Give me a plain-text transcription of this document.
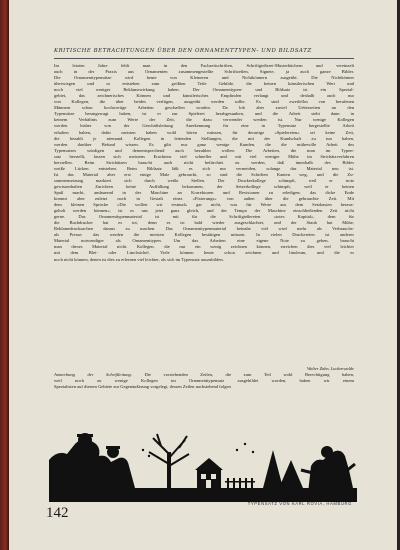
KRITISCHE BETRACHTUNGEN ÜBER DEN ORNAMENTTYPEN- UND BILDSATZ

Im letzten Jahre fehlt man in den Fachzeitschriften, Schriftgießerei-Musterbüchern und vereinzelt

auch in der Praxis aus Ornamenten zusammengestellte Schriftzeilen, Signete, ja auch ganze Bilder.

Die Ornamenttypensätze wird heute von Kleineren und Nichtkönnern ausgeübt. Die Nichtkönner

überwiegen und so entstehen zum größten Teile Gebilde, die keinen künstlerischen Wert und

noch viel weniger Reklamewirkung haben. Der Ornamenttypen- und Bildsatz ist ein Spezial-

gebiet, das zeichnerisches Können und künstlerisches Empfinden verlangt und deshalb auch nur

von Kollegen, die über beides verfügen, ausgeübt werden sollte. Es sind zweifellos von berufenen

Männern schon hochwertige Arbeiten geschaffen worden. Da lob aber zuviel Ueberzeiten an den

Typensätze herangewagt haben, ist er zur Spielerei herabgesunken, und die Arbeit steht dann in

keinem Verhältnis zum Werte der Zeit, die dazu verwendet werden ist. Nur wenige Kollegen

werden bisher von der Geschäftsleitung Anerkennung für eine in Typensatz hergestellte Arbeit

erhalten haben, dafür meisten haben wohl hören müssen, für derartige »Spielereien« sei keine Zeit,

die bezahlt je niemand. Kollegen in leitenden Stellungen, die mit der Kundschaft zu tun haben,

werden darüber Befund wissen. Es gibt nur ganz wenige Kunden, die die mühevolle Arbeit des

Typensatzes würdigen und dementsprechend auch bezahlen wollen. Die Arbeiten, die man im Typen-

satz herstellt, lassen sich meistens Erachtens viel schneller und mit viel weniger Mühe im Strichätzverfahren

herstellen. Beim Strichätzen braucht auch nicht befürchtet zu werden, daß innerhalb des Bildes

weiße Lücken entstehen. Beim Bildsatz läßt es sich nur vermeiden, solange das Material neu ist.

Ist das Material aber erst einige Male gebraucht, so sind die Schriften Kanten weg, und die Zu-

sammensetzung markiert sich durch weiße Stellen. Der Druckerkollege schimpft, weil er trotz

gewissenhaften Zurichten keine Auffüllung bekommen, der Setzerkollege schimpft, weil er keinen

Spaß macht, andauernd in der Maschine an Korrekturen und Revisionen zu erledigen; das dicke Ende

kommt aber zuletzt noch in Gestalt eines »Fixierungs« von außen über die gebrauchte Zeit. Mit

dem kleinen Sprüche »Die wollen wir erstmal« gar nicht, was für Werte aus dem Setzkasten heraus-

geholt werden können«, ist es uns jetzt ganz gleich, und der Tempo der Maschine einschließenden Zeit nicht

gerne. Das Ornamenttypenmaterial ist mit für die Schriftgießereien »totes Kapital«, dem für

die Buchdrucker hat es tot, denn es ist bald wieder ausgeschlachtet, und der Staub hat Mühe,

Reklamedrucksachen daraus zu machen. Das Ornamenttypenmaterial beinahe viel wird mehr als Verbrauchs-

als Presse; das werden die meisten Kollegen bestätigen müssen. In vielen Druckereien ist anderes

Material notwendiger als Ornamenttypen. Um das Arbeiten eine eigene Note zu geben, braucht

man dieses Material nicht. Kollegen, die nur ein wenig zeichnen können, erreichen dies viel leichter

mit dem Blei- oder Linolstichel. Viele können heute schon zeichnen und linoleum, und die es

noch nicht können, denen ist dies zu erlernen viel leichter, als sich im Typensatz auszubilden.

Walter Zahn, Luckenwalde

Anmerkung der Schriftleitung. Die vorstehenden Zeilen, die zum Teil wohl Berechtigung haben,

weil noch zu wenige Kollegen im Ornamenttypensatz ausgebildet worden, haben wir einem

Spezialisten auf diesem Gebiete zur Gegenäußerung vorgelegt, dessen Zeilen nachstehend folgen

TYPENSATZ VON KARL ROVIA, HAMBURG
142
